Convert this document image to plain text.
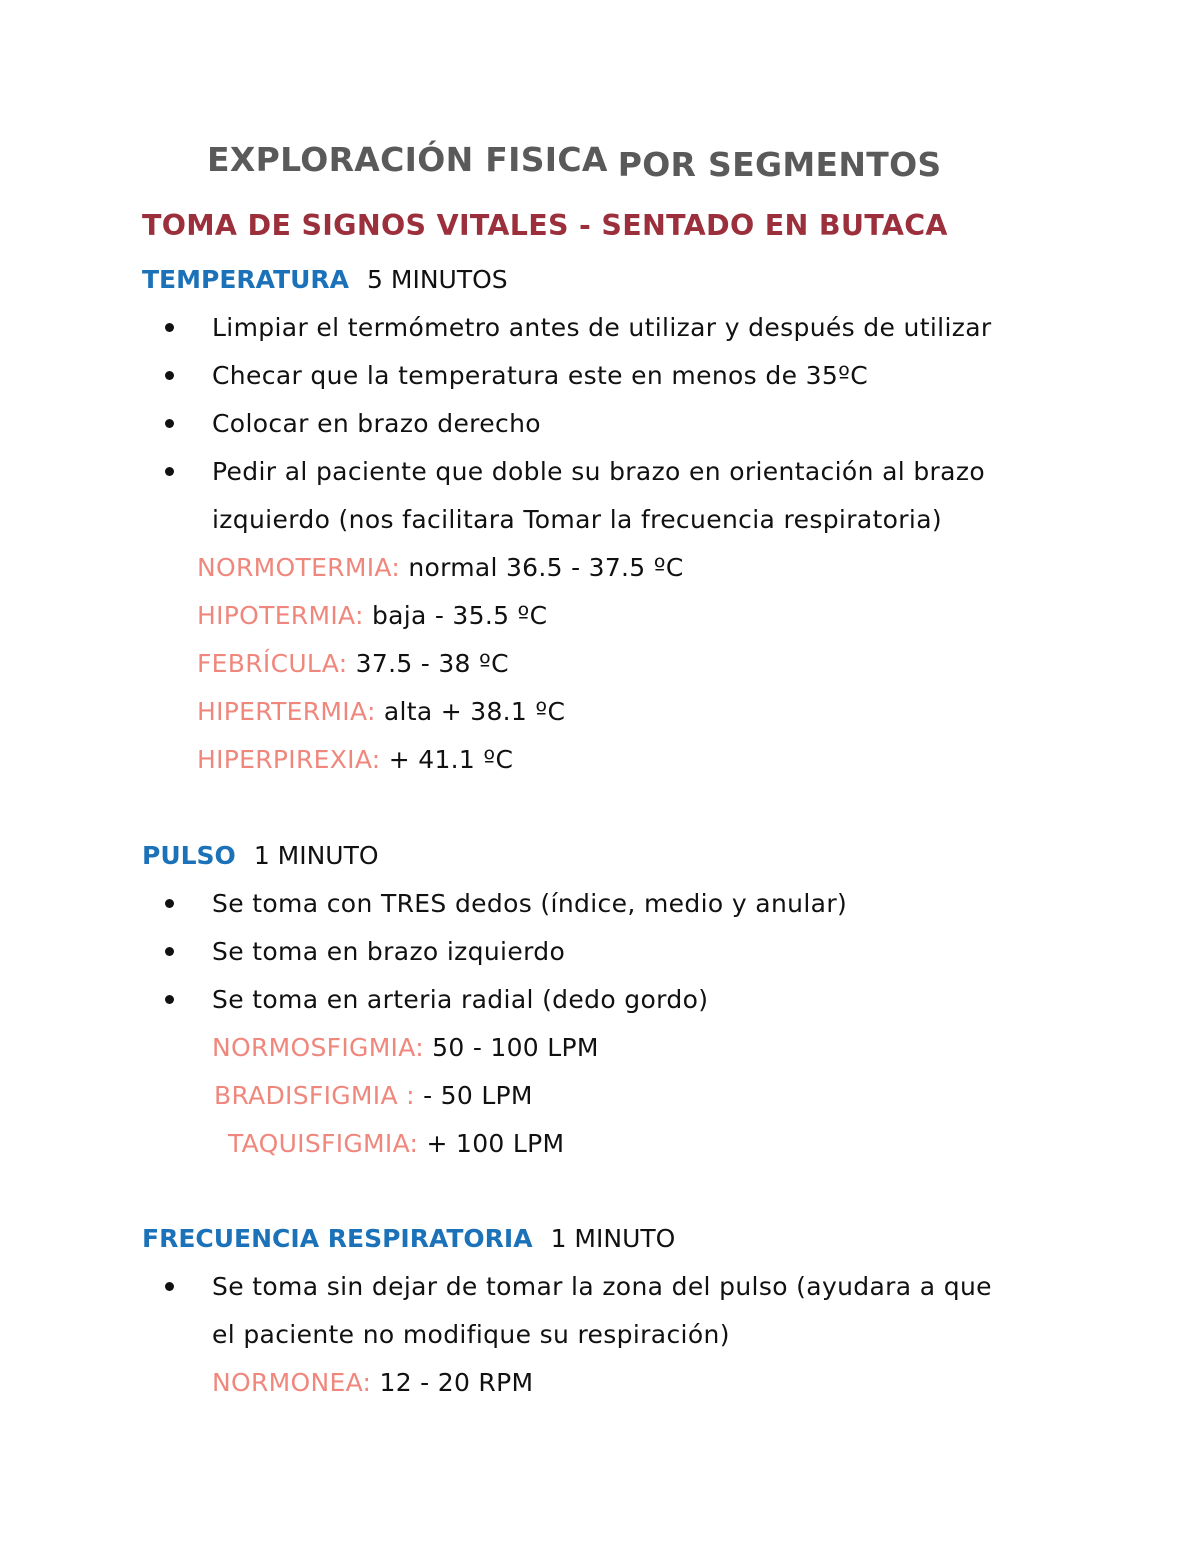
EXPLORACIÓN FISICA POR SEGMENTOS
TOMA DE SIGNOS VITALES - SENTADO EN BUTACA
TEMPERATURA 5 MINUTOS
Limpiar el termómetro antes de utilizar y después de utilizar
Checar que la temperatura este en menos de 35ºC
Colocar en brazo derecho
Pedir al paciente que doble su brazo en orientación al brazo
izquierdo (nos facilitara Tomar la frecuencia respiratoria)
NORMOTERMIA: normal 36.5 - 37.5 ºC
HIPOTERMIA: baja - 35.5 ºC
FEBRÍCULA: 37.5 - 38 ºC
HIPERTERMIA: alta + 38.1 ºC
HIPERPIREXIA: + 41.1 ºC
PULSO 1 MINUTO
Se toma con TRES dedos (índice, medio y anular)
Se toma en brazo izquierdo
Se toma en arteria radial (dedo gordo)
NORMOSFIGMIA: 50 - 100 LPM
BRADISFIGMIA : - 50 LPM
TAQUISFIGMIA: + 100 LPM
FRECUENCIA RESPIRATORIA 1 MINUTO
Se toma sin dejar de tomar la zona del pulso (ayudara a que
el paciente no modifique su respiración)
NORMONEA: 12 - 20 RPM
